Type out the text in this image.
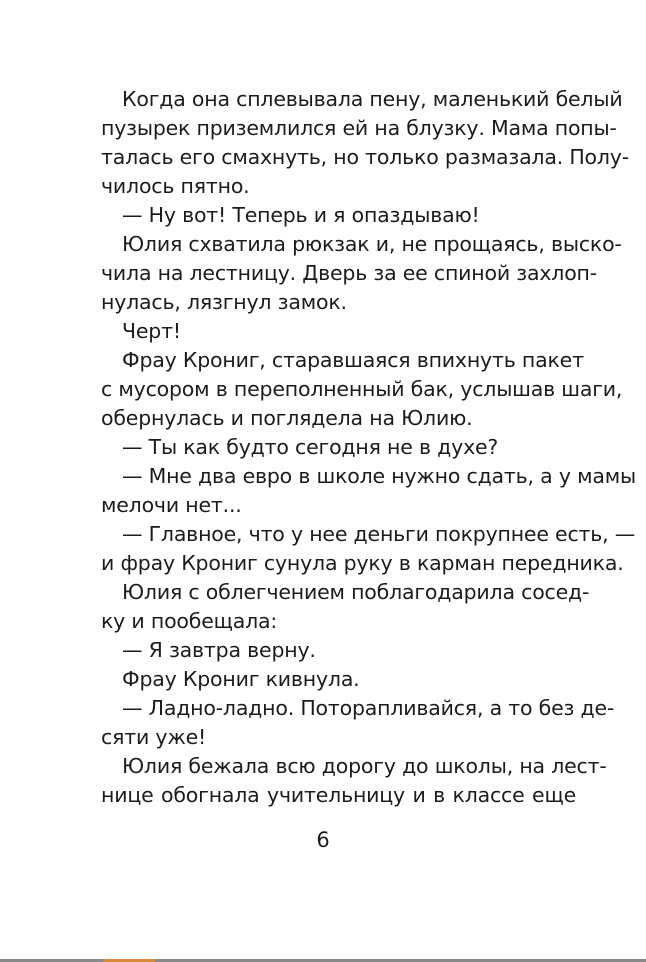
Когда она сплевывала пену, маленький белый
пузырек приземлился ей на блузку. Мама попы-
талась его смахнуть, но только размазала. Полу-
чилось пятно.
— Ну вот! Теперь и я опаздываю!
Юлия схватила рюкзак и, не прощаясь, выско-
чила на лестницу. Дверь за ее спиной захлоп-
нулась, лязгнул замок.
Черт!
Фрау Крониг, старавшаяся впихнуть пакет
с мусором в переполненный бак, услышав шаги,
обернулась и поглядела на Юлию.
— Ты как будто сегодня не в духе?
— Мне два евро в школе нужно сдать, а у мамы
мелочи нет...
— Главное, что у нее деньги покрупнее есть, —
и фрау Крониг сунула руку в карман передника.
Юлия с облегчением поблагодарила сосед-
ку и пообещала:
— Я завтра верну.
Фрау Крониг кивнула.
— Ладно-ладно. Поторапливайся, а то без де-
сяти уже!
Юлия бежала всю дорогу до школы, на лест-
нице обогнала учительницу и в классе еще
6
